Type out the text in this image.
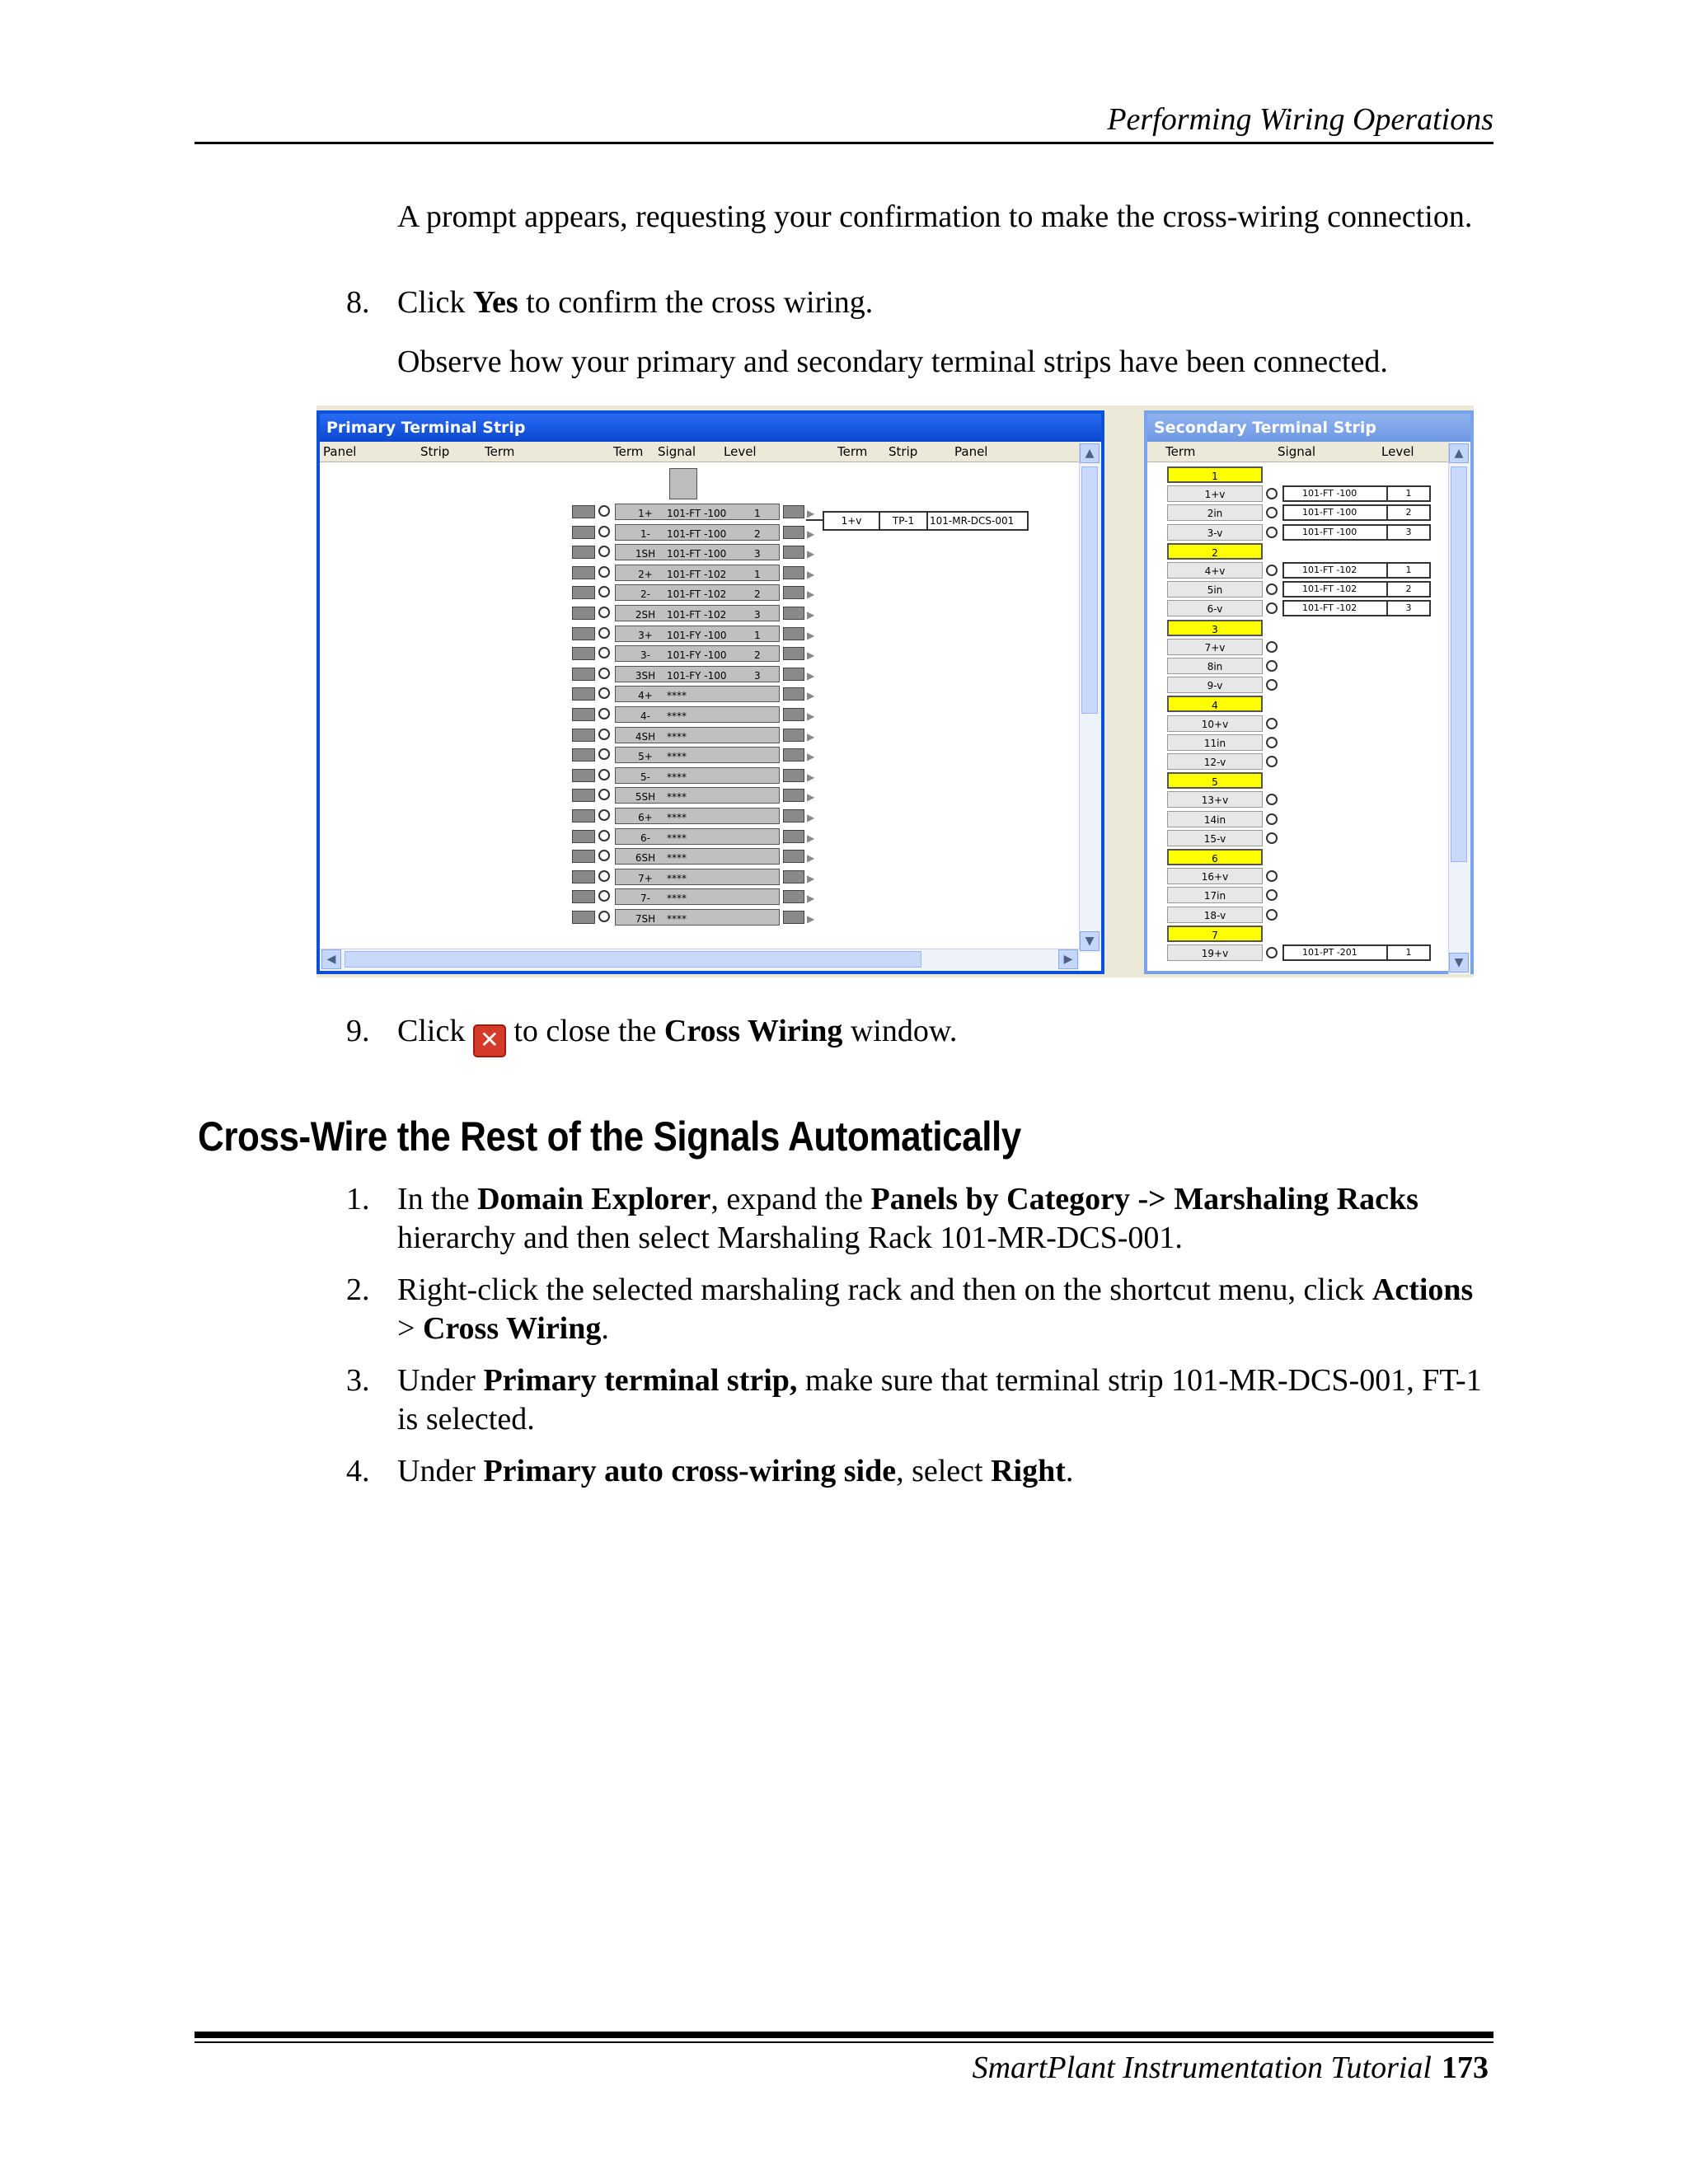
Performing Wiring Operations
A prompt appears, requesting your confirmation to make the cross-wiring connection.
8. Click Yes to confirm the cross wiring.
Observe how your primary and secondary terminal strips have been connected.
Primary Terminal Strip
Panel	Strip	Term	Term Signal Level	Term Strip	Panel	▲
▼
◀	▶
1+	101-FT -100	1	▶
1-	101-FT -100	2	▶
1SH	101-FT -100	3	▶
2+	101-FT -102	1	▶
2-	101-FT -102	2	▶
2SH	101-FT -102	3	▶
3+	101-FY -100	1	▶
3-	101-FY -100	2	▶
3SH	101-FY -100	3	▶
4+	****	▶
4-	****	▶
4SH	****	▶
5+	****	▶
5-	****	▶
5SH	****	▶
6+	****	▶
6-	****	▶
6SH	****	▶
7+	****	▶
7-	****	▶
7SH	****	▶
1+v	TP-1	101-MR-DCS-001
Secondary Terminal Strip
Term	Signal	Level	▲
▼
1
1+v	101-FT -100	1
2in	101-FT -100	2
3-v	101-FT -100	3
2
4+v	101-FT -102	1
5in	101-FT -102	2
6-v	101-FT -102	3
3
7+v
8in
9-v
4
10+v
11in
12-v
5
13+v
14in
15-v
6
16+v
17in
18-v
7
19+v	101-PT -201	1
9. Click ✕ to close the Cross Wiring window.
Cross-Wire the Rest of the Signals Automatically
1. In the Domain Explorer, expand the Panels by Category -> Marshaling Racks hierarchy and then select Marshaling Rack 101-MR-DCS-001.
2. Right-click the selected marshaling rack and then on the shortcut menu, click Actions > Cross Wiring.
3. Under Primary terminal strip, make sure that terminal strip 101-MR-DCS-001, FT-1 is selected.
4. Under Primary auto cross-wiring side, select Right.
SmartPlant Instrumentation Tutorial 173
